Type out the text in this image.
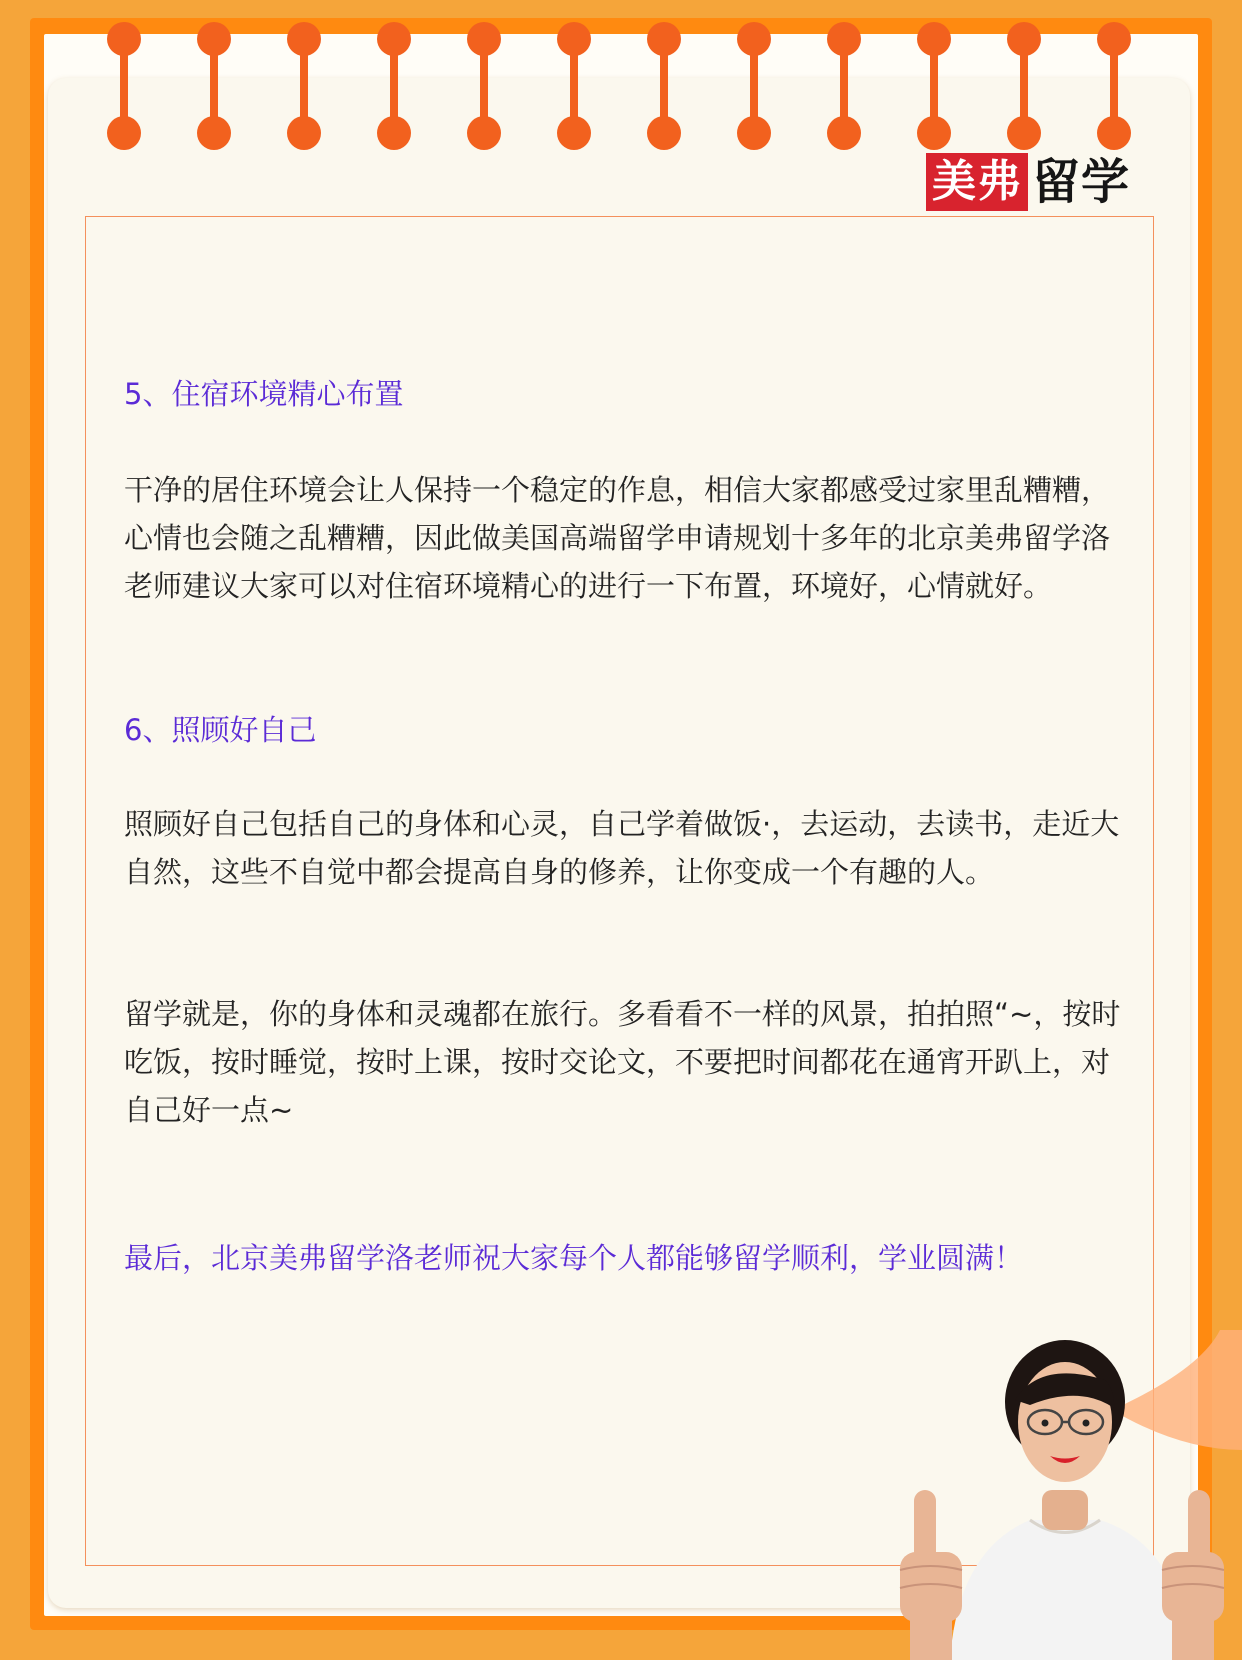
美弗 留学
5、住宿环境精心布置
干净的居住环境会让人保持一个稳定的作息，相信大家都感受过家里乱糟糟，心情也会随之乱糟糟，因此做美国高端留学申请规划十多年的北京美弗留学洛老师建议大家可以对住宿环境精心的进行一下布置，环境好，心情就好。
6、照顾好自己
照顾好自己包括自己的身体和心灵，自己学着做饭·，去运动，去读书，走近大自然，这些不自觉中都会提高自身的修养，让你变成一个有趣的人。
留学就是，你的身体和灵魂都在旅行。多看看不一样的风景，拍拍照“~，按时吃饭，按时睡觉，按时上课，按时交论文，不要把时间都花在通宵开趴上，对自己好一点~
最后，北京美弗留学洛老师祝大家每个人都能够留学顺利，学业圆满！
